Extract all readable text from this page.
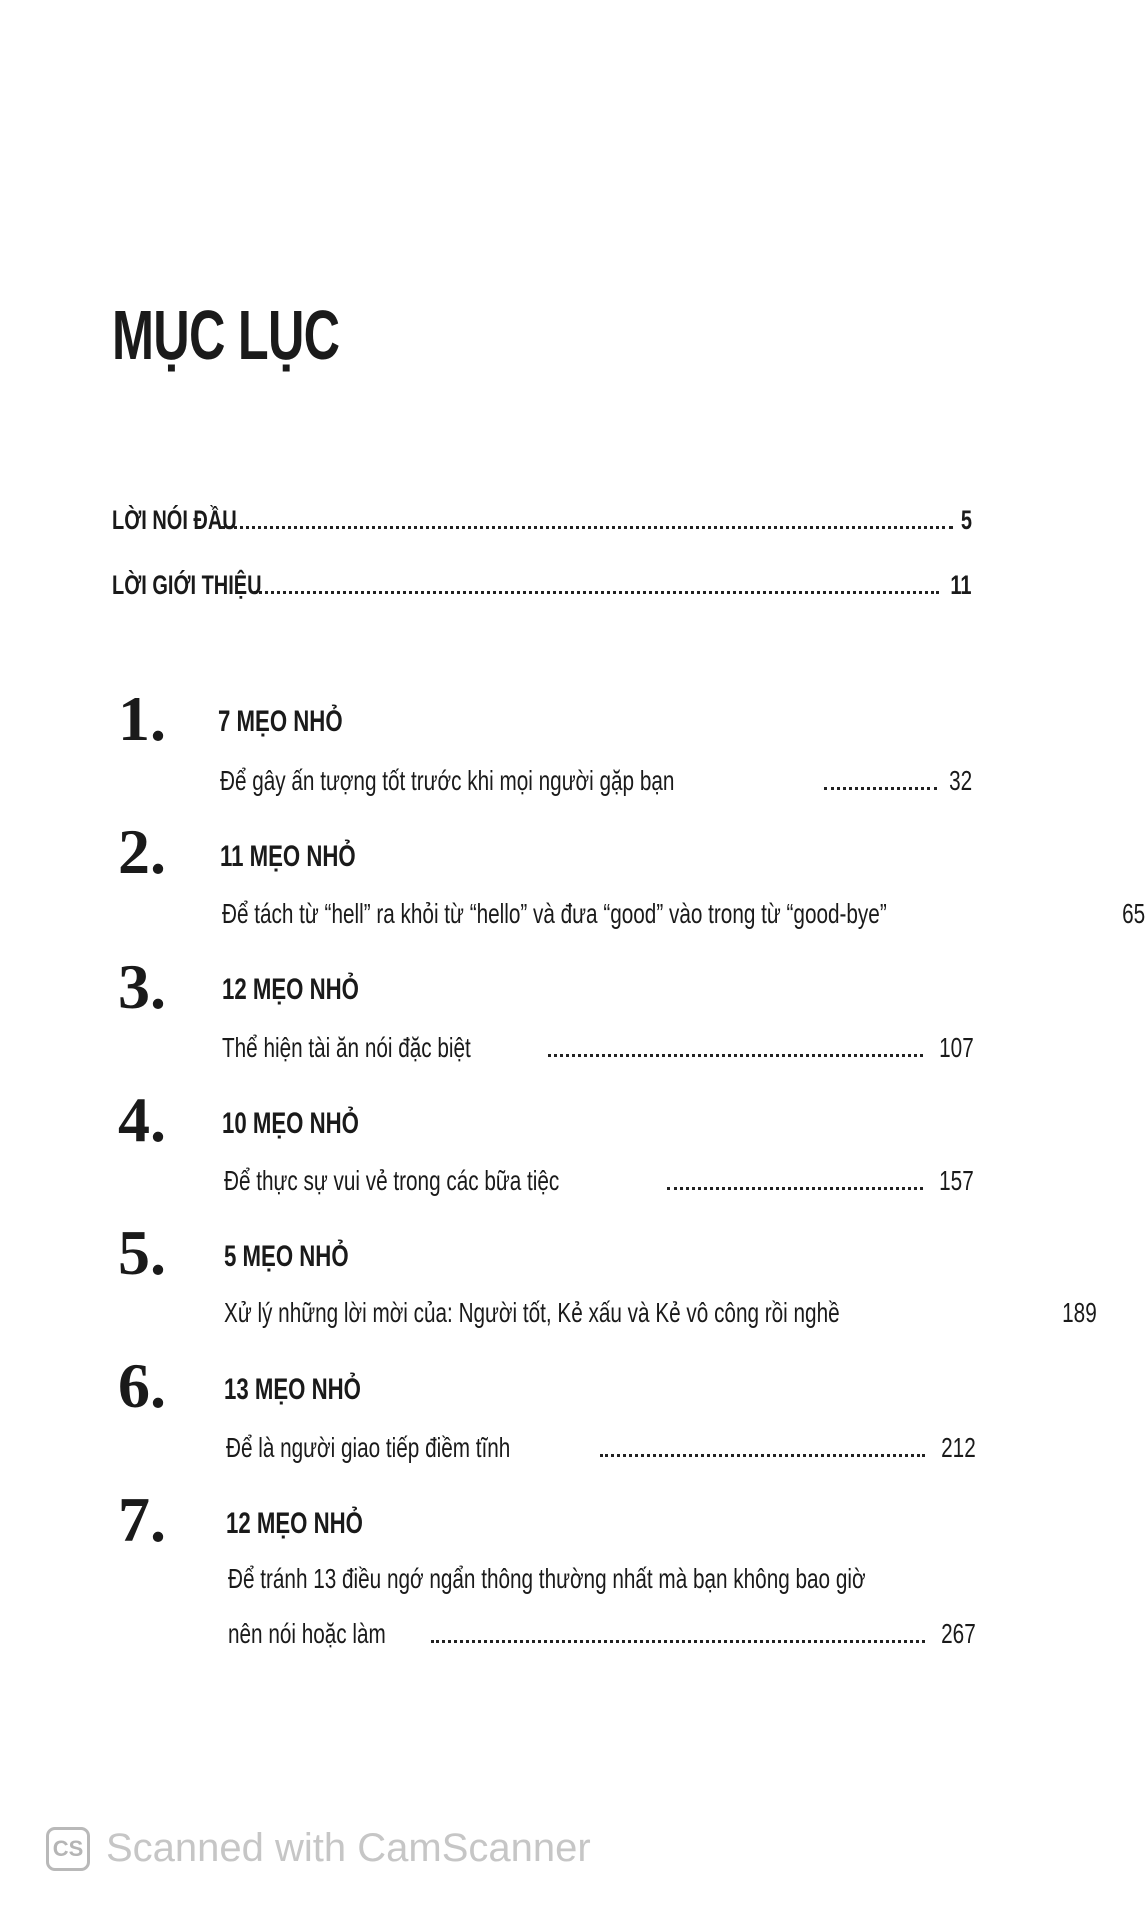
MỤC LỤC
LỜI NÓI ĐẦU	5
LỜI GIỚI THIỆU	11
1. 7 MẸO NHỎ
Để gây ấn tượng tốt trước khi mọi người gặp bạn	32
2. 11 MẸO NHỎ
Để tách từ “hell” ra khỏi từ “hello” và đưa “good” vào trong từ “good-bye”	65
3. 12 MẸO NHỎ
Thể hiện tài ăn nói đặc biệt	107
4. 10 MẸO NHỎ
Để thực sự vui vẻ trong các bữa tiệc	157
5. 5 MẸO NHỎ
Xử lý những lời mời của: Người tốt, Kẻ xấu và Kẻ vô công rồi nghề	189
6. 13 MẸO NHỎ
Để là người giao tiếp điềm tĩnh	212
7. 12 MẸO NHỎ
Để tránh 13 điều ngớ ngẩn thông thường nhất mà bạn không bao giờ
nên nói hoặc làm	267
CS Scanned with CamScanner
